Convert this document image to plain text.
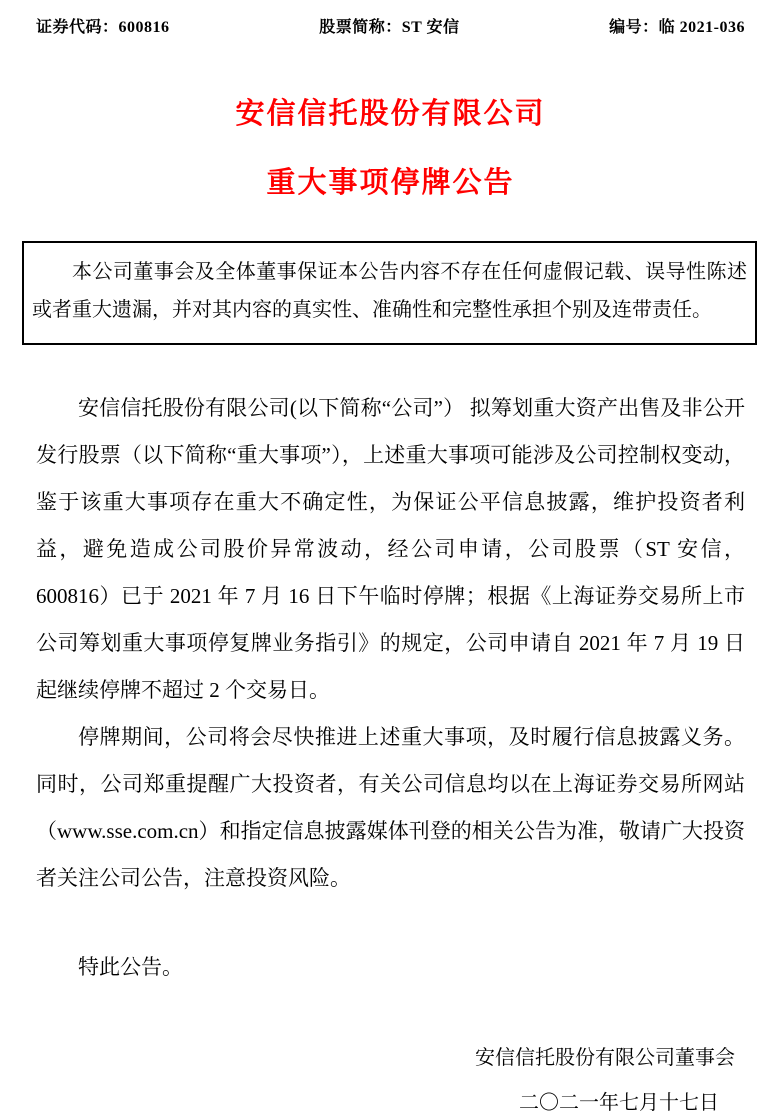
证券代码：600816	股票简称：ST 安信	编号：临 2021-036
安信信托股份有限公司
重大事项停牌公告
本公司董事会及全体董事保证本公告内容不存在任何虚假记载、误导性陈述或者重大遗漏，并对其内容的真实性、准确性和完整性承担个别及连带责任。

安信信托股份有限公司(以下简称“公司”） 拟筹划重大资产出售及非公开发行股票（以下简称“重大事项”），上述重大事项可能涉及公司控制权变动，鉴于该重大事项存在重大不确定性，为保证公平信息披露，维护投资者利益，避免造成公司股价异常波动，经公司申请，公司股票（ST 安信，600816）已于 2021 年 7 月 16 日下午临时停牌；根据《上海证券交易所上市公司筹划重大事项停复牌业务指引》的规定，公司申请自 2021 年 7 月 19 日起继续停牌不超过 2 个交易日。

停牌期间，公司将会尽快推进上述重大事项，及时履行信息披露义务。同时，公司郑重提醒广大投资者，有关公司信息均以在上海证券交易所网站（www.sse.com.cn）和指定信息披露媒体刊登的相关公告为准，敬请广大投资者关注公司公告，注意投资风险。

特此公告。

安信信托股份有限公司董事会
二〇二一年七月十七日
